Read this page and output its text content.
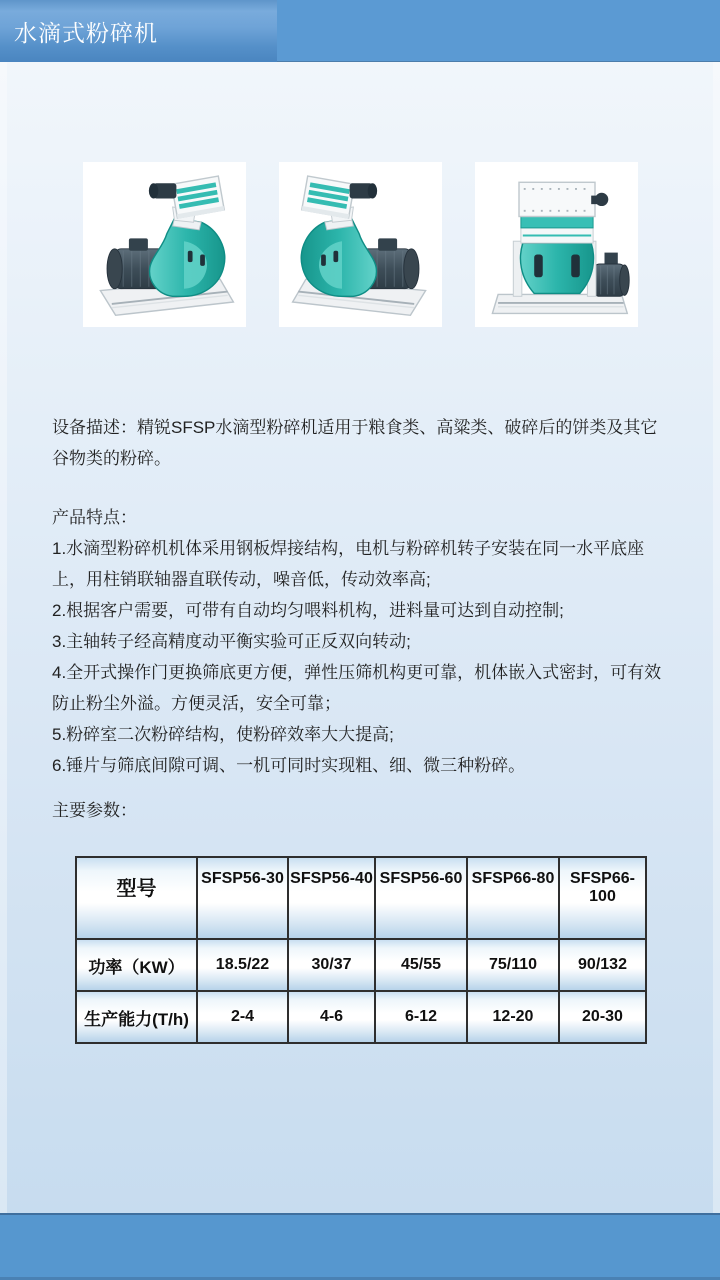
水滴式粉碎机
设备描述：精锐SFSP水滴型粉碎机适用于粮食类、高粱类、破碎后的饼类及其它谷物类的粉碎。
产品特点：
1.水滴型粉碎机机体采用钢板焊接结构，电机与粉碎机转子安装在同一水平底座上，用柱销联轴器直联传动，噪音低，传动效率高;
2.根据客户需要，可带有自动均匀喂料机构，进料量可达到自动控制;
3.主轴转子经高精度动平衡实验可正反双向转动;
4.全开式操作门更换筛底更方便，弹性压筛机构更可靠，机体嵌入式密封，可有效防止粉尘外溢。方便灵活，安全可靠；
5.粉碎室二次粉碎结构，使粉碎效率大大提高;
6.锤片与筛底间隙可调、一机可同时实现粗、细、微三种粉碎。
主要参数：
型号	SFSP56-30	SFSP56-40	SFSP56-60	SFSP66-80	SFSP66-100
功率（KW）	18.5/22	30/37	45/55	75/110	90/132
生产能力(T/h)	2-4	4-6	6-12	12-20	20-30
